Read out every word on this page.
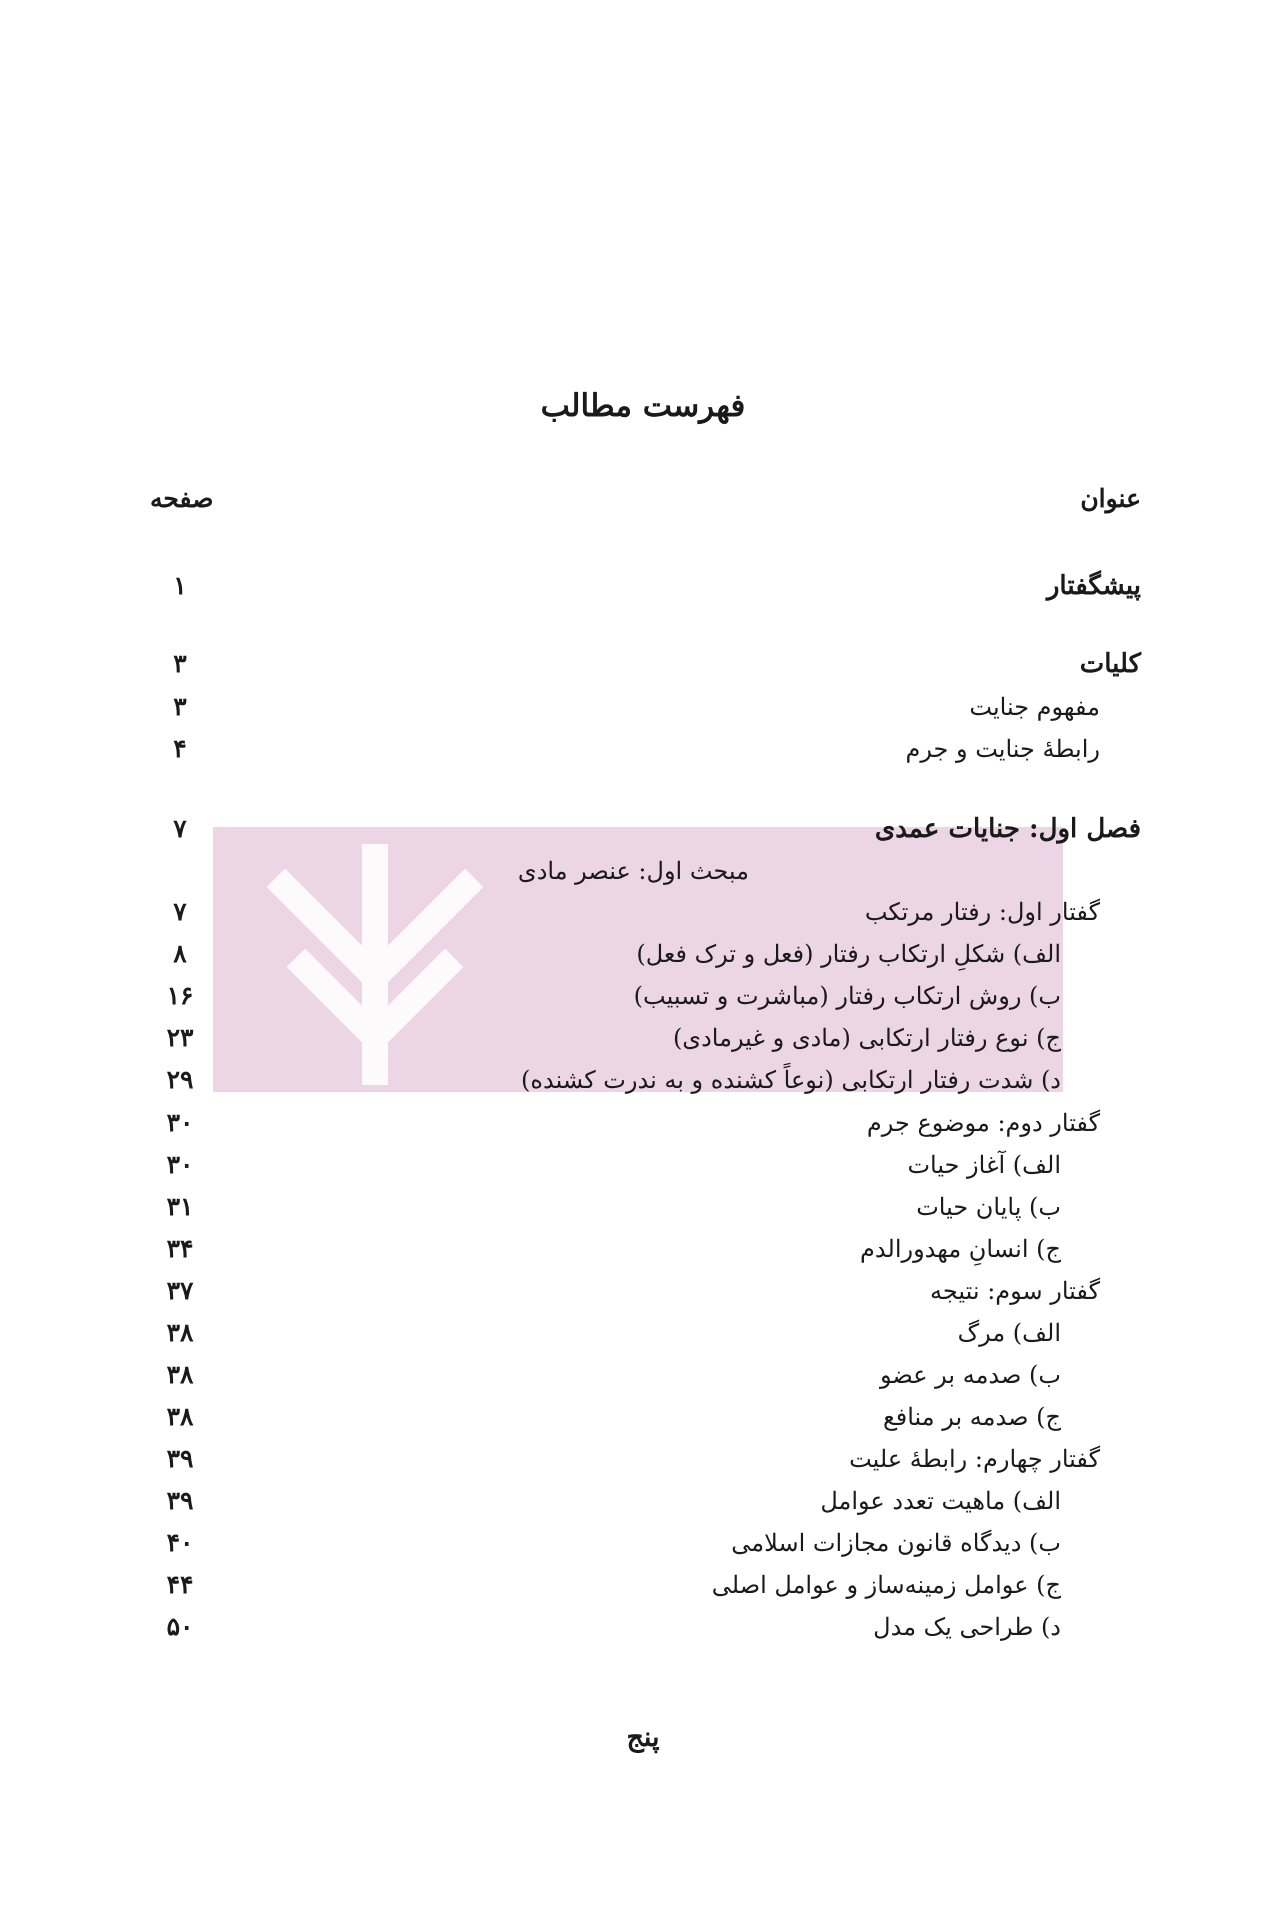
فهرست مطالب
عنوان
صفحه
پیشگفتار
۱
کلیات
۳
مفهوم جنایت
۳
رابطهٔ جنایت و جرم
۴
فصل اول: جنایات عمدی
۷
مبحث اول: عنصر مادی
گفتار اول: رفتار مرتکب
۷
الف) شکلِ ارتکاب رفتار (فعل و ترک فعل)
۸
ب) روش ارتکاب رفتار (مباشرت و تسبیب)
۱۶
ج) نوع رفتار ارتکابی (مادی و غیرمادی)
۲۳
د) شدت رفتار ارتکابی (نوعاً کشنده و به ندرت کشنده)
۲۹
گفتار دوم: موضوع جرم
۳۰
الف) آغاز حیات
۳۰
ب) پایان حیات
۳۱
ج) انسانِ مهدورالدم
۳۴
گفتار سوم: نتیجه
۳۷
الف) مرگ
۳۸
ب) صدمه بر عضو
۳۸
ج) صدمه بر منافع
۳۸
گفتار چهارم: رابطهٔ علیت
۳۹
الف) ماهیت تعدد عوامل
۳۹
ب) دیدگاه قانون مجازات اسلامی
۴۰
ج) عوامل زمینه‌ساز و عوامل اصلی
۴۴
د) طراحی یک مدل
۵۰
پنج
